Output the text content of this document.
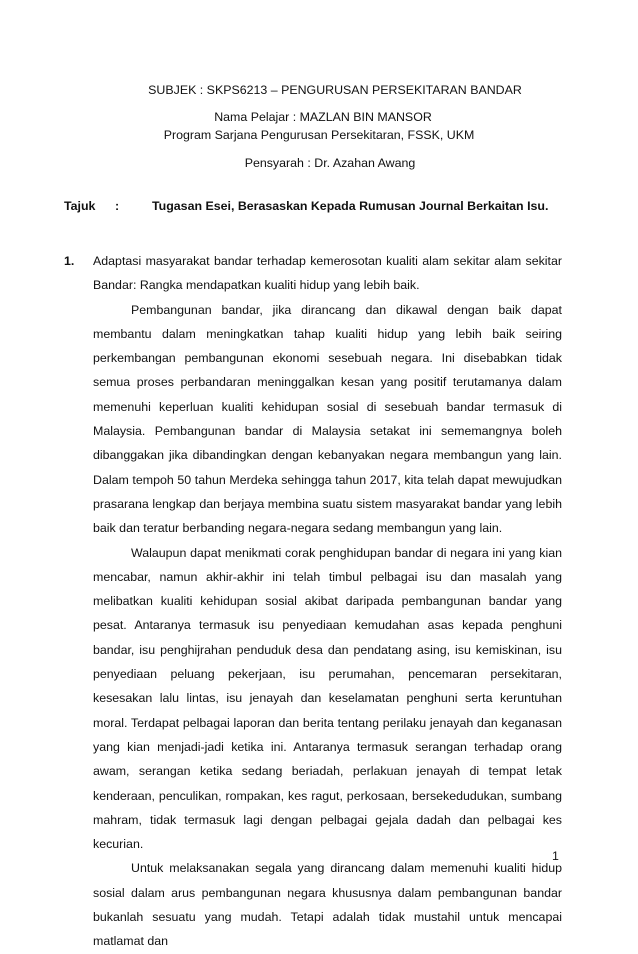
SUBJEK : SKPS6213 – PENGURUSAN PERSEKITARAN BANDAR
Nama Pelajar : MAZLAN BIN MANSOR
Program Sarjana Pengurusan Persekitaran, FSSK, UKM
Pensyarah : Dr. Azahan Awang
Tajuk :	Tugasan Esei, Berasaskan Kepada Rumusan Journal Berkaitan Isu.
1. Adaptasi masyarakat bandar terhadap kemerosotan kualiti alam sekitar alam sekitar Bandar: Rangka mendapatkan kualiti hidup yang lebih baik.

Pembangunan bandar, jika dirancang dan dikawal dengan baik dapat membantu dalam meningkatkan tahap kualiti hidup yang lebih baik seiring perkembangan pembangunan ekonomi sesebuah negara. Ini disebabkan tidak semua proses perbandaran meninggalkan kesan yang positif terutamanya dalam memenuhi keperluan kualiti kehidupan sosial di sesebuah bandar termasuk di Malaysia. Pembangunan bandar di Malaysia setakat ini sememangnya boleh dibanggakan jika dibandingkan dengan kebanyakan negara membangun yang lain. Dalam tempoh 50 tahun Merdeka sehingga tahun 2017, kita telah dapat mewujudkan prasarana lengkap dan berjaya membina suatu sistem masyarakat bandar yang lebih baik dan teratur berbanding negara-negara sedang membangun yang lain.

Walaupun dapat menikmati corak penghidupan bandar di negara ini yang kian mencabar, namun akhir-akhir ini telah timbul pelbagai isu dan masalah yang melibatkan kualiti kehidupan sosial akibat daripada pembangunan bandar yang pesat. Antaranya termasuk isu penyediaan kemudahan asas kepada penghuni bandar, isu penghijrahan penduduk desa dan pendatang asing, isu kemiskinan, isu penyediaan peluang pekerjaan, isu perumahan, pencemaran persekitaran, kesesakan lalu lintas, isu jenayah dan keselamatan penghuni serta keruntuhan moral. Terdapat pelbagai laporan dan berita tentang perilaku jenayah dan keganasan yang kian menjadi-jadi ketika ini. Antaranya termasuk serangan terhadap orang awam, serangan ketika sedang beriadah, perlakuan jenayah di tempat letak kenderaan, penculikan, rompakan, kes ragut, perkosaan, bersekedudukan, sumbang mahram, tidak termasuk lagi dengan pelbagai gejala dadah dan pelbagai kes kecurian.

Untuk melaksanakan segala yang dirancang dalam memenuhi kualiti hidup sosial dalam arus pembangunan negara khususnya dalam pembangunan bandar bukanlah sesuatu yang mudah. Tetapi adalah tidak mustahil untuk mencapai matlamat dan

1
